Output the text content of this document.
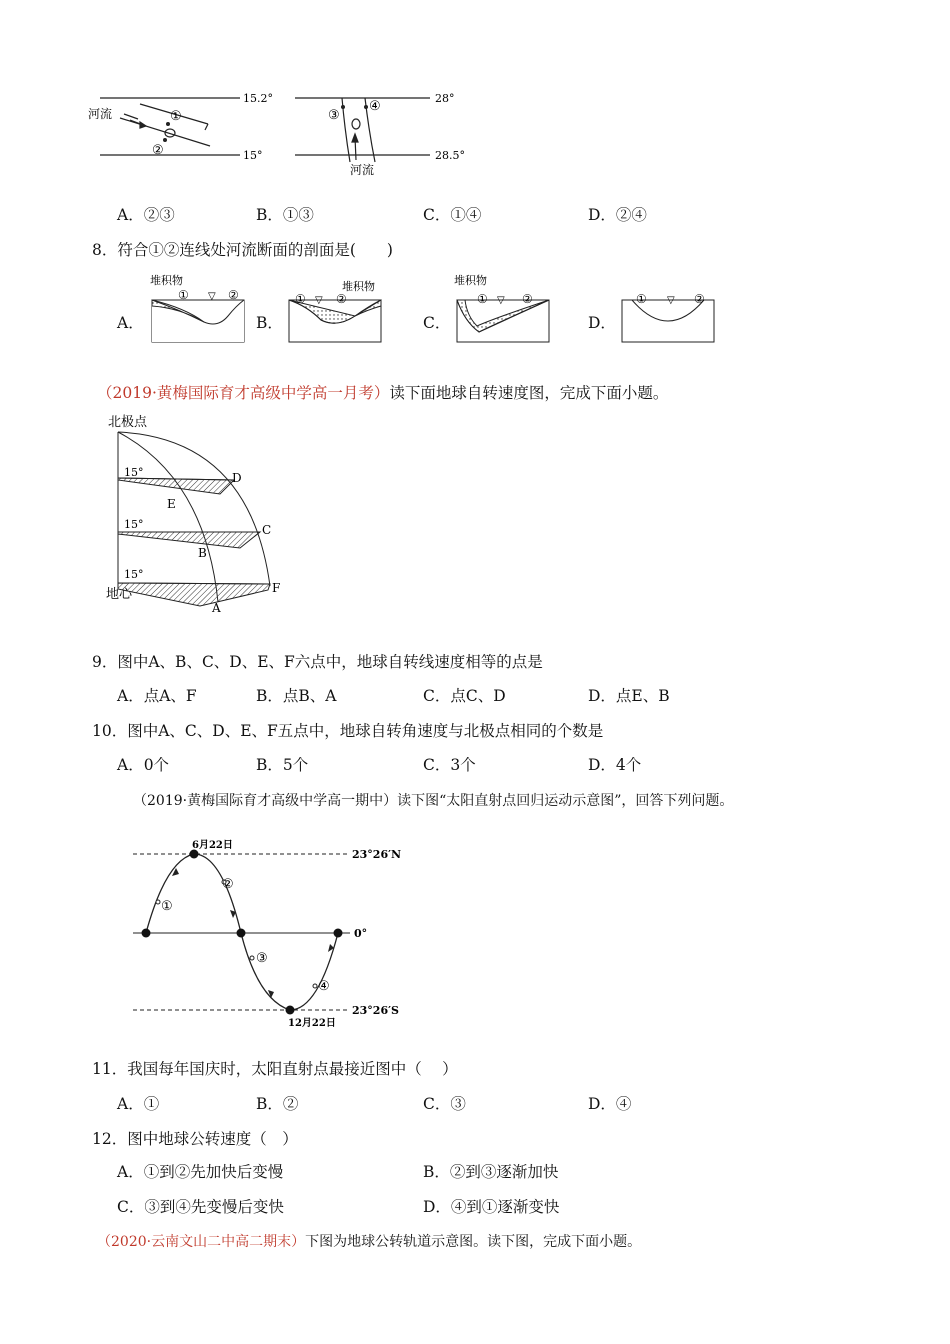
河流
15.2°
15°
①
②
③
④
28°
28.5°
河流
A．②③	B．①③	C．①④	D．②④
8．符合①②连线处河流断面的剖面是(　　)
A．	B．	C．	D．
堆积物
① ▽ ②
堆积物
① ▽ ②
堆积物
① ▽ ②	① ▽ ②
（2019·黄梅国际育才高级中学高一月考）读下面地球自转速度图，完成下面小题。
北极点
地心
15°
15°
15°
D
E
C
B
F
A
9．图中A、B、C、D、E、F六点中，地球自转线速度相等的点是
A．点A、F	B．点B、A	C．点C、D	D．点E、B
10．图中A、C、D、E、F五点中，地球自转角速度与北极点相同的个数是
A．0个	B．5个	C．3个	D．4个
（2019·黄梅国际育才高级中学高一期中）读下图“太阳直射点回归运动示意图”，回答下列问题。
6月22日
12月22日
23°26′N
0°
23°26′S
①
②
③
④
11．我国每年国庆时，太阳直射点最接近图中（　 ）
A．①	B．②	C．③	D．④
12．图中地球公转速度（　）
A．①到②先加快后变慢	B．②到③逐渐加快
C．③到④先变慢后变快	D．④到①逐渐变快
（2020·云南文山二中高二期末）下图为地球公转轨道示意图。读下图，完成下面小题。
